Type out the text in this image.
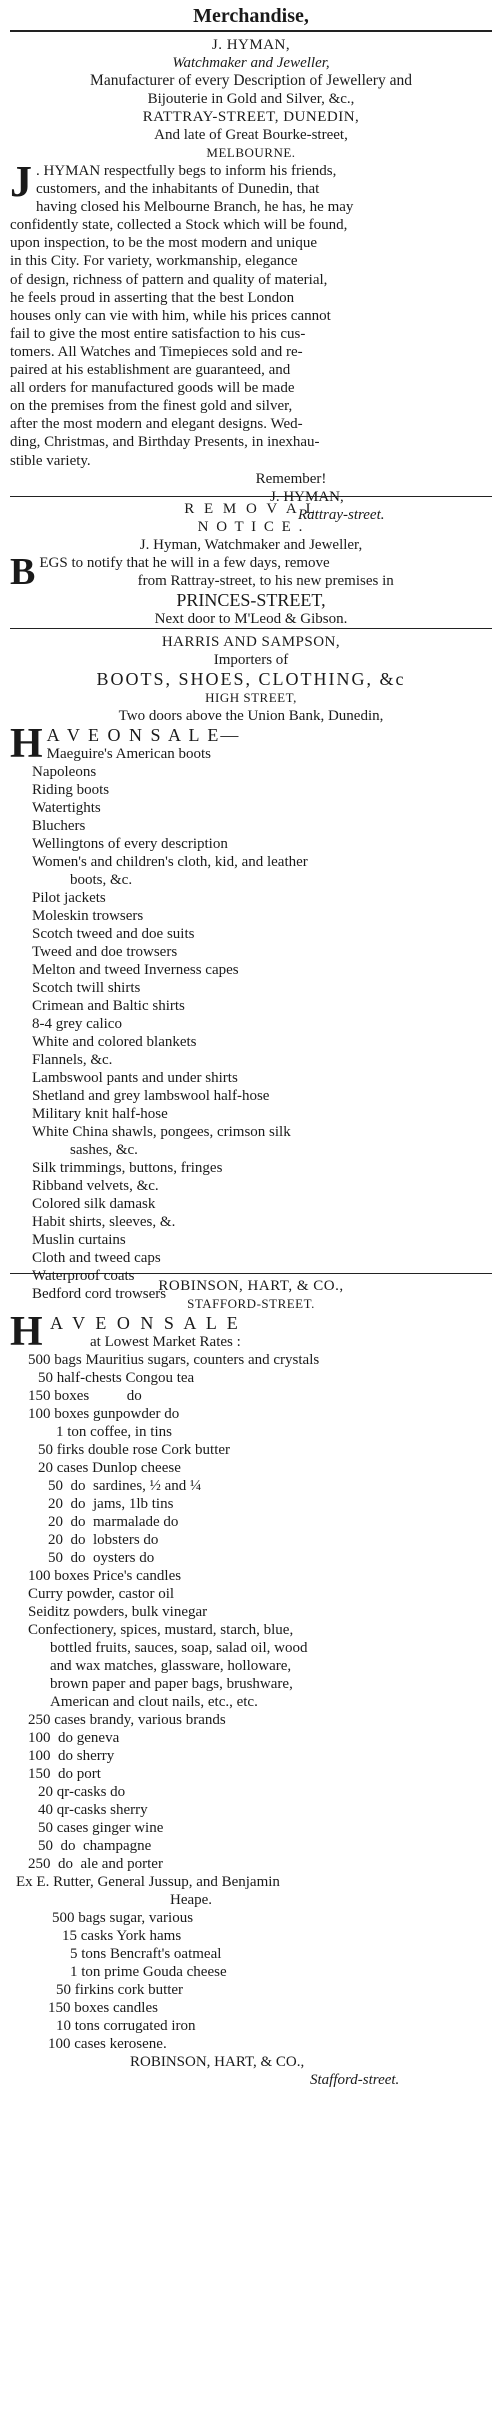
Merchandise,
J. HYMAN,
Watchmaker and Jeweller,
Manufacturer of every Description of Jewellery and
Bijouterie in Gold and Silver, &c.,
RATTRAY-STREET, DUNEDIN,
And late of Great Bourke-street,
MELBOURNE.
J . HYMAN respectfully begs to inform his friends,
customers, and the inhabitants of Dunedin, that
having closed his Melbourne Branch, he has, he may
confidently state, collected a Stock which will be found,
upon inspection, to be the most modern and unique
in this City. For variety, workmanship, elegance
of design, richness of pattern and quality of material,
he feels proud in asserting that the best London
houses only can vie with him, while his prices cannot
fail to give the most entire satisfaction to his cus-
tomers. All Watches and Timepieces sold and re-
paired at his establishment are guaranteed, and
all orders for manufactured goods will be made
on the premises from the finest gold and silver,
after the most modern and elegant designs. Wed-
ding, Christmas, and Birthday Presents, in inexhau-
stible variety.
Remember!
J. HYMAN,
Rattray-street.
R E M O V A L
N O T I C E .
J. Hyman, Watchmaker and Jeweller,
B EGS to notify that he will in a few days, remove
from Rattray-street, to his new premises in
PRINCES-STREET,
Next door to M'Leod & Gibson.
HARRIS AND SAMPSON,
Importers of
BOOTS, SHOES, CLOTHING, &c
HIGH STREET,
Two doors above the Union Bank, Dunedin,
H A V E O N S A L E—
Maeguire's American boots
Napoleons
Riding boots
Watertights
Bluchers
Wellingtons of every description
Women's and children's cloth, kid, and leather
boots, &c.
Pilot jackets
Moleskin trowsers
Scotch tweed and doe suits
Tweed and doe trowsers
Melton and tweed Inverness capes
Scotch twill shirts
Crimean and Baltic shirts
8-4 grey calico
White and colored blankets
Flannels, &c.
Lambswool pants and under shirts
Shetland and grey lambswool half-hose
Military knit half-hose
White China shawls, pongees, crimson silk
sashes, &c.
Silk trimmings, buttons, fringes
Ribband velvets, &c.
Colored silk damask
Habit shirts, sleeves, &.
Muslin curtains
Cloth and tweed caps
Waterproof coats
Bedford cord trowsers
ROBINSON, HART, & CO.,
STAFFORD-STREET.
H A V E O N S A L E
at Lowest Market Rates :
500 bags Mauritius sugars, counters and crystals
50 half-chests Congou tea
150 boxes          do
100 boxes gunpowder do
1 ton coffee, in tins
50 firks double rose Cork butter
20 cases Dunlop cheese
50  do  sardines, ½ and ¼
20  do  jams, 1lb tins
20  do  marmalade do
20  do  lobsters do
50  do  oysters do
100 boxes Price's candles
Curry powder, castor oil
Seiditz powders, bulk vinegar
Confectionery, spices, mustard, starch, blue,
bottled fruits, sauces, soap, salad oil, wood
and wax matches, glassware, holloware,
brown paper and paper bags, brushware,
American and clout nails, etc., etc.
250 cases brandy, various brands
100  do geneva
100  do sherry
150  do port
20 qr-casks do
40 qr-casks sherry
50 cases ginger wine
50  do  champagne
250  do  ale and porter
Ex E. Rutter, General Jussup, and Benjamin
Heape.
500 bags sugar, various
15 casks York hams
5 tons Bencraft's oatmeal
1 ton prime Gouda cheese
50 firkins cork butter
150 boxes candles
10 tons corrugated iron
100 cases kerosene.
ROBINSON, HART, & CO.,
Stafford-street.
